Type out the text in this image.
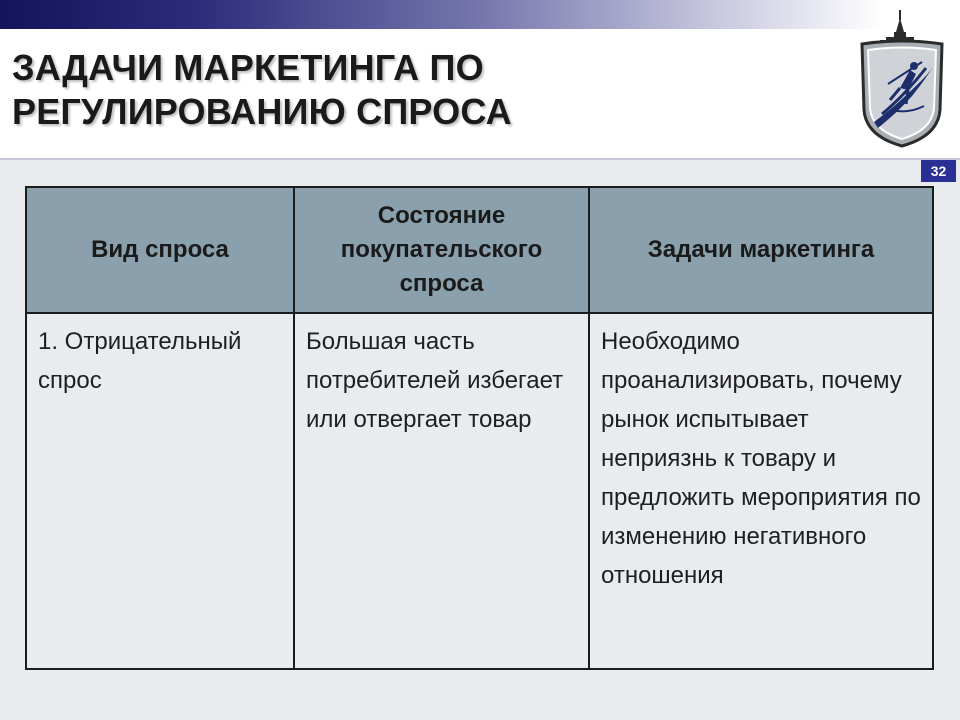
ЗАДАЧИ МАРКЕТИНГА ПО
РЕГУЛИРОВАНИЮ СПРОСА
32
Вид спроса	Состояние покупательского спроса	Задачи маркетинга
1. Отрицательный спрос	Большая часть потребителей избегает или отвергает товар	Необходимо проанализировать, почему рынок испытывает неприязнь к товару и предложить мероприятия по изменению негативного отношения
